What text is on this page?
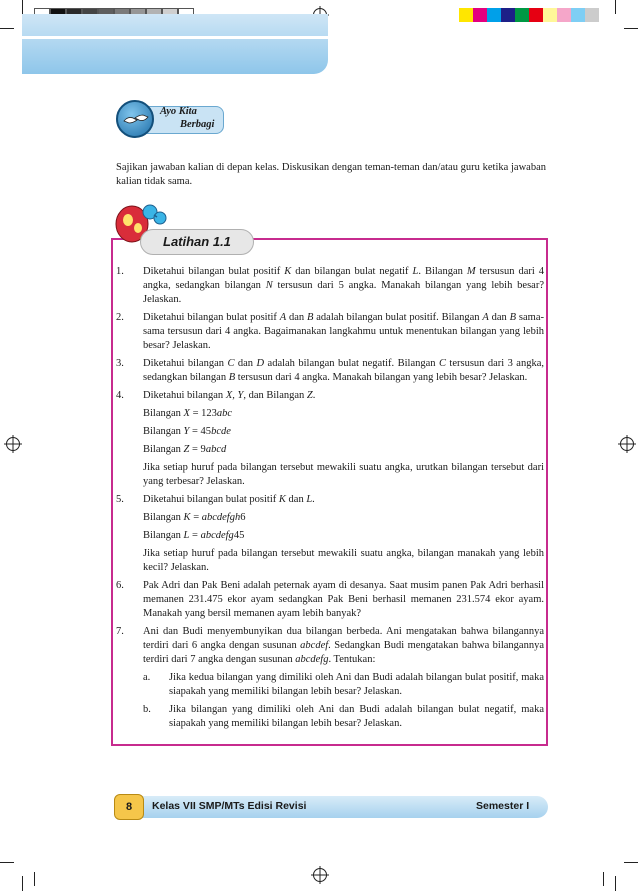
Ayo Kita
Berbagi

Sajikan jawaban kalian di depan kelas. Diskusikan dengan teman-teman dan/atau guru ketika jawaban kalian tidak sama.

Latihan 1.1
1. Diketahui bilangan bulat positif K dan bilangan bulat negatif L. Bilangan M tersusun dari 4 angka, sedangkan bilangan N tersusun dari 5 angka. Manakah bilangan yang lebih besar? Jelaskan.

2. Diketahui bilangan bulat positif A dan B adalah bilangan bulat positif. Bilangan A dan B sama-sama tersusun dari 4 angka. Bagaimanakan langkahmu untuk menentukan bilangan yang lebih besar? Jelaskan.

3. Diketahui bilangan C dan D adalah bilangan bulat negatif. Bilangan C tersusun dari 3 angka, sedangkan bilangan B tersusun dari 4 angka. Manakah bilangan yang lebih besar? Jelaskan.

4. Diketahui bilangan X, Y, dan Bilangan Z.

Bilangan X = 123abc

Bilangan Y = 45bcde

Bilangan Z = 9abcd

Jika setiap huruf pada bilangan tersebut mewakili suatu angka, urutkan bilangan tersebut dari yang terbesar? Jelaskan.

5. Diketahui bilangan bulat positif K dan L.

Bilangan K = abcdefgh6

Bilangan L = abcdefg45

Jika setiap huruf pada bilangan tersebut mewakili suatu angka, bilangan manakah yang lebih kecil? Jelaskan.

6. Pak Adri dan Pak Beni adalah peternak ayam di desanya. Saat musim panen Pak Adri berhasil memanen 231.475 ekor ayam sedangkan Pak Beni berhasil memanen 231.574 ekor ayam. Manakah yang bersil memanen ayam lebih banyak?

7. Ani dan Budi menyembunyikan dua bilangan berbeda. Ani mengatakan bahwa bilangannya terdiri dari 6 angka dengan susunan abcdef. Sedangkan Budi mengatakan bahwa bilangannya terdiri dari 7 angka dengan susunan abcdefg. Tentukan:

a. Jika kedua bilangan yang dimiliki oleh Ani dan Budi adalah bilangan bulat positif, maka siapakah yang memiliki bilangan lebih besar? Jelaskan.

b. Jika bilangan yang dimiliki oleh Ani dan Budi adalah bilangan bulat negatif, maka siapakah yang memiliki bilangan lebih besar? Jelaskan.

8	Kelas VII SMP/MTs Edisi Revisi	Semester I
